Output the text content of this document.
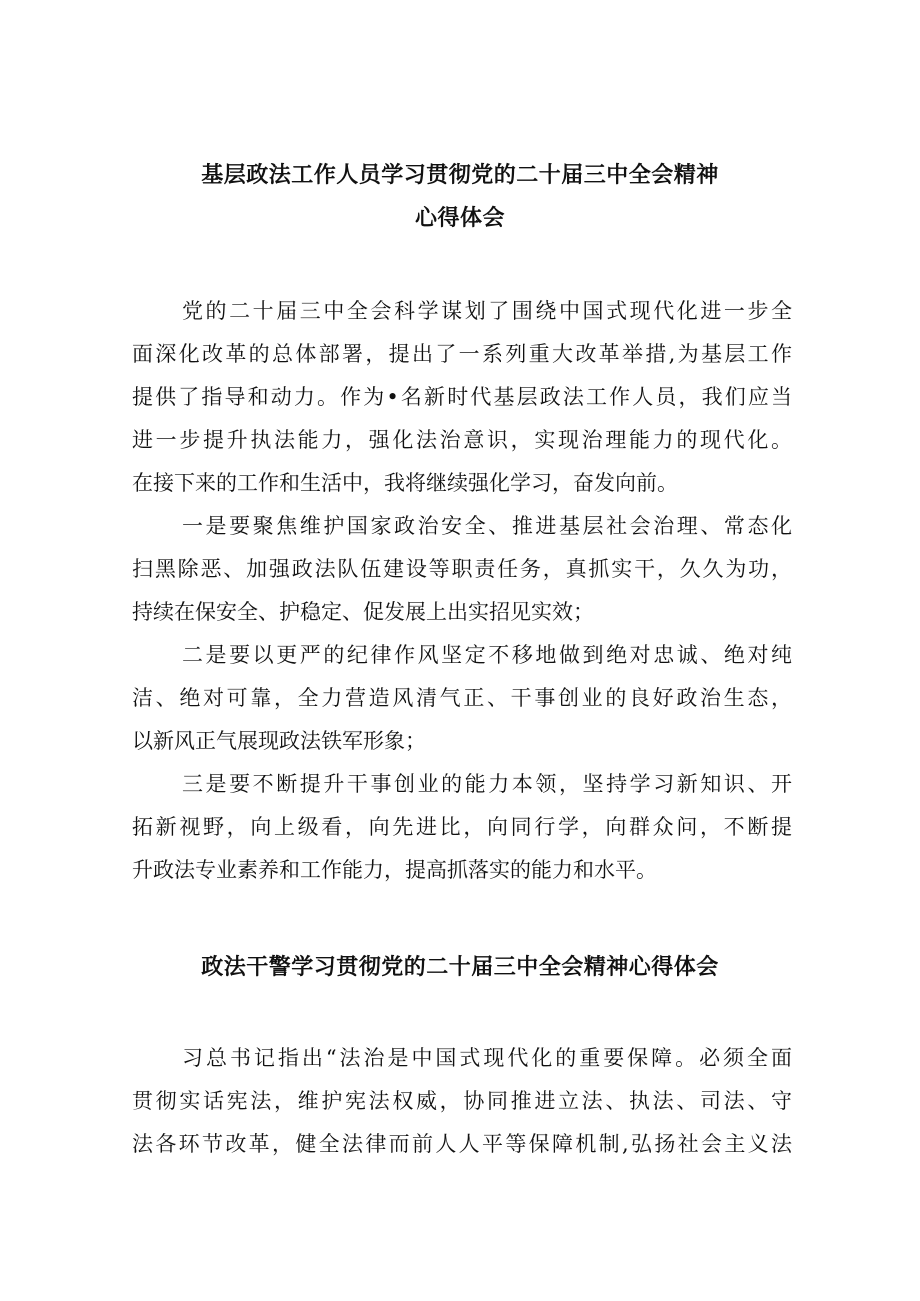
基层政法工作人员学习贯彻党的二十届三中全会精神
心得体会
党的二十届三中全会科学谋划了围绕中国式现代化进一步全
面深化改革的总体部署，提出了一系列重大改革举措,为基层工作
提供了指导和动力。作为•名新时代基层政法工作人员，我们应当
进一步提升执法能力，强化法治意识，实现治理能力的现代化。
在接下来的工作和生活中，我将继续强化学习，奋发向前。
一是要聚焦维护国家政治安全、推进基层社会治理、常态化
扫黑除恶、加强政法队伍建设等职责任务，真抓实干，久久为功，
持续在保安全、护稳定、促发展上出实招见实效；
二是要以更严的纪律作风坚定不移地做到绝对忠诚、绝对纯
洁、绝对可靠，全力营造风清气正、干事创业的良好政治生态，
以新风正气展现政法铁军形象；
三是要不断提升干事创业的能力本领，坚持学习新知识、开
拓新视野，向上级看，向先进比，向同行学，向群众问，不断提
升政法专业素养和工作能力，提高抓落实的能力和水平。
政法干警学习贯彻党的二十届三中全会精神心得体会
习总书记指出“法治是中国式现代化的重要保障。必须全面
贯彻实话宪法，维护宪法权威，协同推进立法、执法、司法、守
法各环节改革，健全法律而前人人平等保障机制,弘扬社会主义法
